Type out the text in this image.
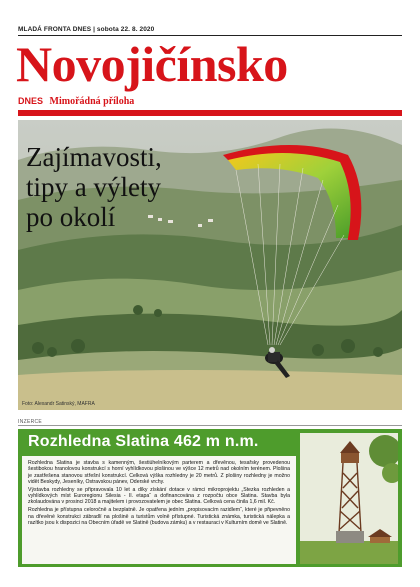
MLADÁ FRONTA DNES | sobota 22. 8. 2020
Novojičínsko
DNES Mimořádná příloha
Zajímavosti,
tipy a výlety
po okolí
Foto: Alexandr Satinský, MAFRA
INZERCE
Rozhledna Slatina 462 m n.m.

Rozhledna Slatina je stavba s kamenným, šestiúhelníkovým parterem a dřevěnou, tesařsky provedenou šestibokou hranolovou konstrukcí s horní vyhlídkovou plošinou ve výšce 12 metrů nad okolním terénem. Plošina je zastřešena stanovou střešní konstrukcí. Celková výška rozhledny je 20 metrů. Z plošiny rozhledny je možno vidět Beskydy, Jeseníky, Ostravskou pánev, Oderské vrchy.

Výstavba rozhledny se připravovala 10 let a díky získání dotace v rámci mikroprojektu „Stezka rozhleden a vyhlídkových míst Euroregionu Silesia - II. etapa“ a dofinancována z rozpočtu obce Slatina. Stavba byla zkolaudována v prosinci 2018 a majitelem i provozovatelem je obec Slatina. Celková cena činila 1,6 mil. Kč.

Rozhledna je přístupna celoročně a bezplatně. Je opatřena jedním „propisovacím razidlem“, které je připevněno na dřevěné konstrukci zábradlí na plošině a turistům volně přístupné. Turistická známka, turistická nálepka a razítko jsou k dispozici na Obecním úřadě ve Slatině (budova zámku) a v restauraci v Kulturním domě ve Slatině.
